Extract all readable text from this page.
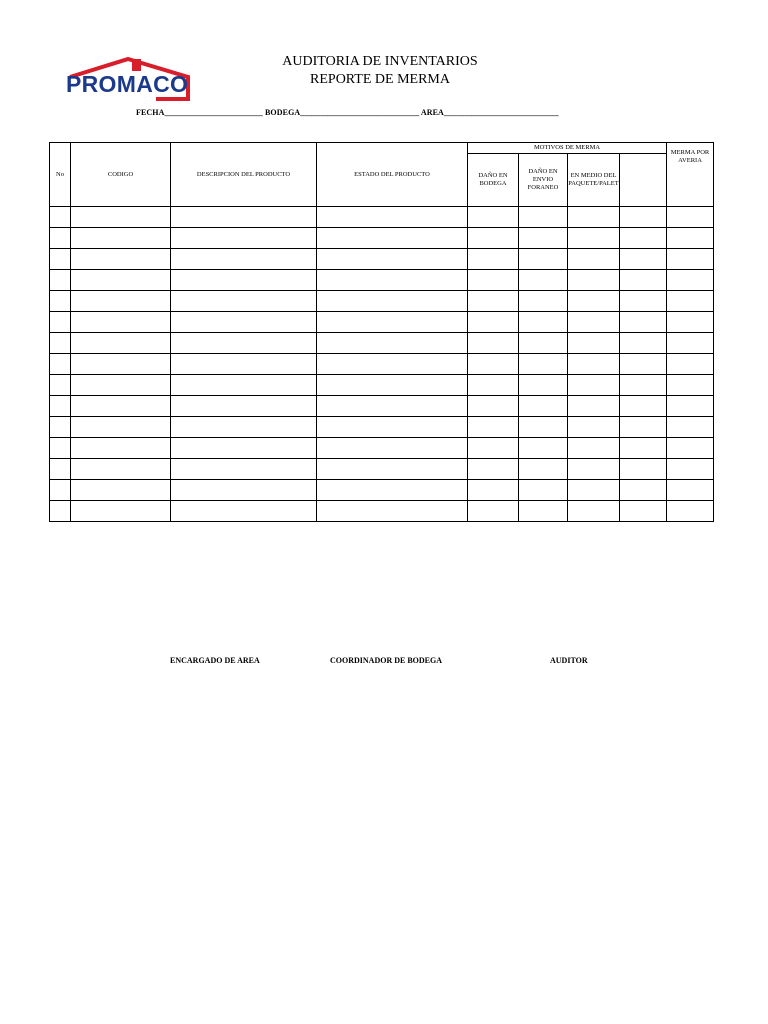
PROMACO
AUDITORIA DE INVENTARIOS
REPORTE DE MERMA
FECHA________________________ BODEGA_____________________________ AREA____________________________
No	CODIGO	DESCRIPCION DEL PRODUCTO	ESTADO DEL PRODUCTO	MOTIVOS DE MERMA				MERMA POR AVERIA
				DAÑO EN BODEGA	DAÑO EN ENVIO FORANEO	EN MEDIO DEL PAQUETE/PALET		

ENCARGADO DE AREA	COORDINADOR DE BODEGA	AUDITOR
